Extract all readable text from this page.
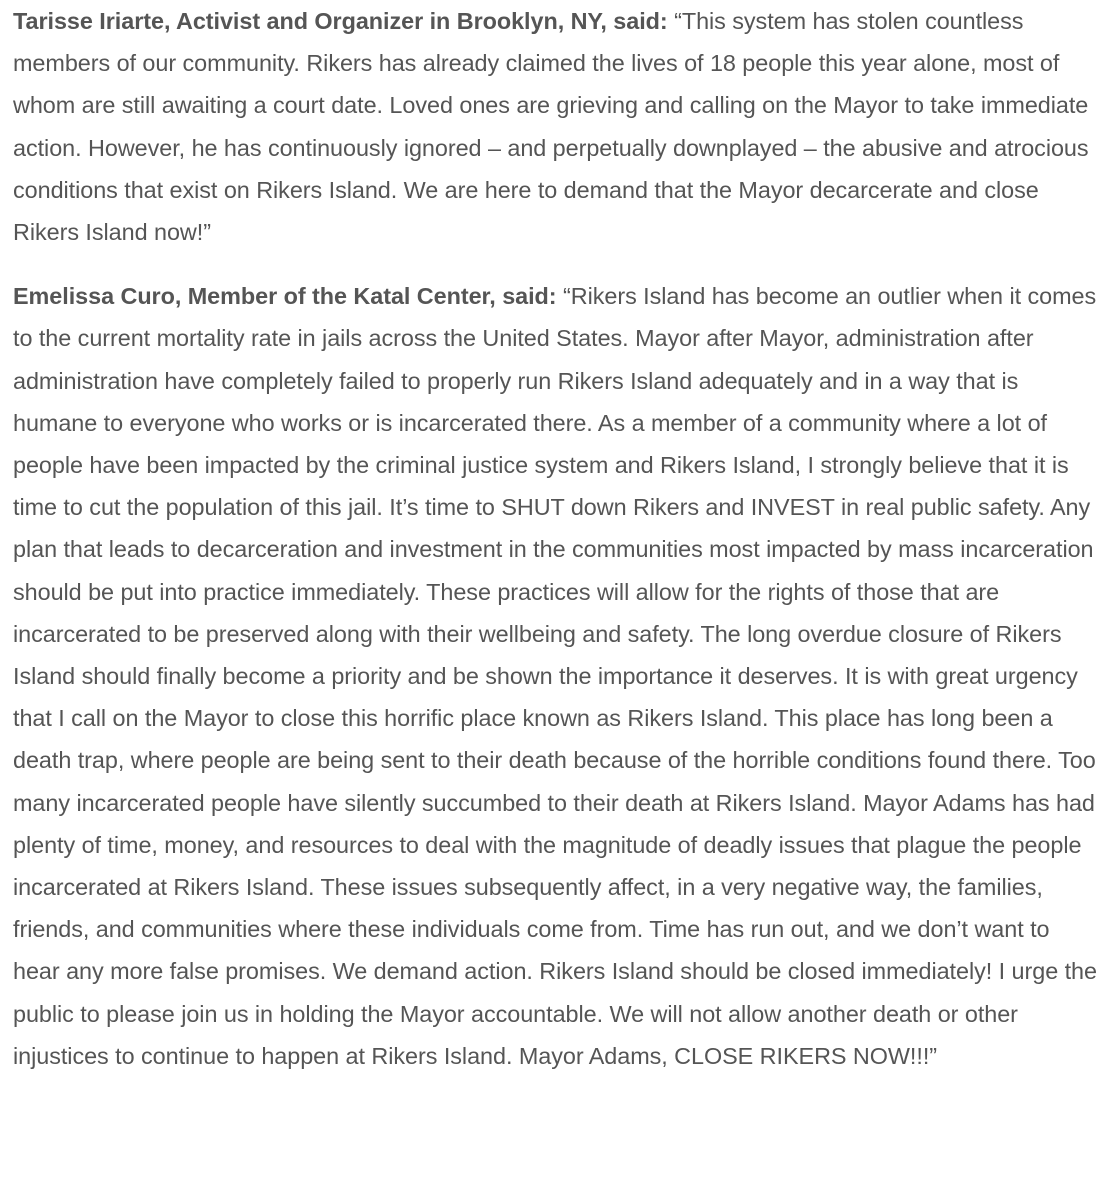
Tarisse Iriarte, Activist and Organizer in Brooklyn, NY, said: “This system has stolen countless members of our community. Rikers has already claimed the lives of 18 people this year alone, most of whom are still awaiting a court date. Loved ones are grieving and calling on the Mayor to take immediate action. However, he has continuously ignored – and perpetually downplayed – the abusive and atrocious conditions that exist on Rikers Island. We are here to demand that the Mayor decarcerate and close Rikers Island now!”

Emelissa Curo, Member of the Katal Center, said: “Rikers Island has become an outlier when it comes to the current mortality rate in jails across the United States. Mayor after Mayor, administration after administration have completely failed to properly run Rikers Island adequately and in a way that is humane to everyone who works or is incarcerated there. As a member of a community where a lot of people have been impacted by the criminal justice system and Rikers Island, I strongly believe that it is time to cut the population of this jail. It’s time to SHUT down Rikers and INVEST in real public safety. Any plan that leads to decarceration and investment in the communities most impacted by mass incarceration should be put into practice immediately. These practices will allow for the rights of those that are incarcerated to be preserved along with their wellbeing and safety. The long overdue closure of Rikers Island should finally become a priority and be shown the importance it deserves. It is with great urgency that I call on the Mayor to close this horrific place known as Rikers Island. This place has long been a death trap, where people are being sent to their death because of the horrible conditions found there. Too many incarcerated people have silently succumbed to their death at Rikers Island. Mayor Adams has had plenty of time, money, and resources to deal with the magnitude of deadly issues that plague the people incarcerated at Rikers Island. These issues subsequently affect, in a very negative way, the families, friends, and communities where these individuals come from. Time has run out, and we don’t want to hear any more false promises. We demand action. Rikers Island should be closed immediately! I urge the public to please join us in holding the Mayor accountable. We will not allow another death or other injustices to continue to happen at Rikers Island. Mayor Adams, CLOSE RIKERS NOW!!!”
